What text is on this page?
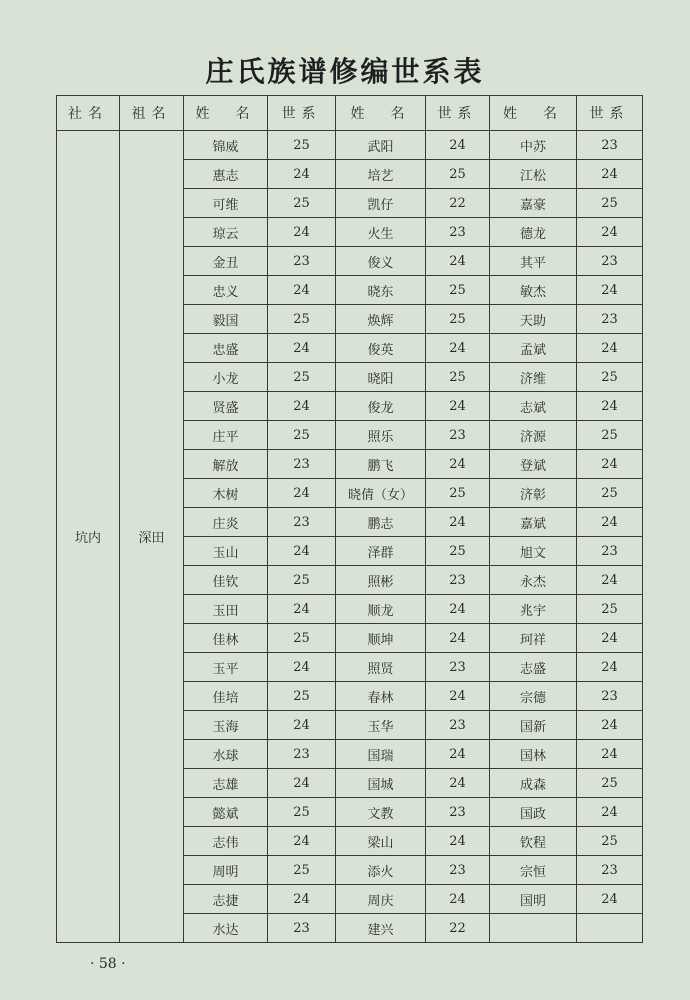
庄氏族谱修编世系表
社名	祖名	姓　名	世系	姓　名	世系	姓　名	世系
坑内	深田	锦威	25	武阳	24	中苏	23
		惠志	24	培艺	25	江松	24
		可维	25	凯仔	22	嘉豪	25
		琼云	24	火生	23	德龙	24
		金丑	23	俊义	24	其平	23
		忠义	24	晓东	25	敏杰	24
		毅国	25	焕辉	25	天助	23
		忠盛	24	俊英	24	孟斌	24
		小龙	25	晓阳	25	济维	25
		贤盛	24	俊龙	24	志斌	24
		庄平	25	照乐	23	济源	25
		解放	23	鹏飞	24	登斌	24
		木树	24	晓倩（女）	25	济彰	25
		庄炎	23	鹏志	24	嘉斌	24
		玉山	24	泽群	25	旭文	23
		佳钦	25	照彬	23	永杰	24
		玉田	24	顺龙	24	兆宇	25
		佳林	25	顺坤	24	珂祥	24
		玉平	24	照贤	23	志盛	24
		佳培	25	春林	24	宗德	23
		玉海	24	玉华	23	国新	24
		水球	23	国瑞	24	国林	24
		志雄	24	国城	24	成森	25
		懿斌	25	文教	23	国政	24
		志伟	24	梁山	24	钦程	25
		周明	25	添火	23	宗恒	23
		志捷	24	周庆	24	国明	24
		水达	23	建兴	22		
· 58 ·
